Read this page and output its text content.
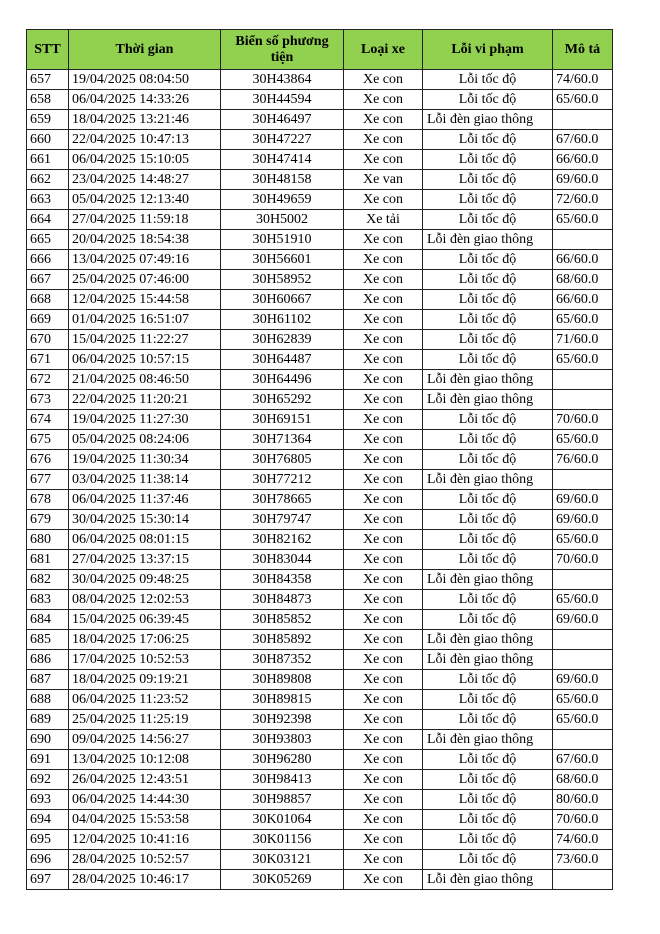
STT	Thời gian	Biển số phương tiện	Loại xe	Lỗi vi phạm	Mô tả
657	19/04/2025 08:04:50	30H43864	Xe con	Lỗi tốc độ	74/60.0
658	06/04/2025 14:33:26	30H44594	Xe con	Lỗi tốc độ	65/60.0
659	18/04/2025 13:21:46	30H46497	Xe con	Lỗi đèn giao thông	
660	22/04/2025 10:47:13	30H47227	Xe con	Lỗi tốc độ	67/60.0
661	06/04/2025 15:10:05	30H47414	Xe con	Lỗi tốc độ	66/60.0
662	23/04/2025 14:48:27	30H48158	Xe van	Lỗi tốc độ	69/60.0
663	05/04/2025 12:13:40	30H49659	Xe con	Lỗi tốc độ	72/60.0
664	27/04/2025 11:59:18	30H5002	Xe tải	Lỗi tốc độ	65/60.0
665	20/04/2025 18:54:38	30H51910	Xe con	Lỗi đèn giao thông	
666	13/04/2025 07:49:16	30H56601	Xe con	Lỗi tốc độ	66/60.0
667	25/04/2025 07:46:00	30H58952	Xe con	Lỗi tốc độ	68/60.0
668	12/04/2025 15:44:58	30H60667	Xe con	Lỗi tốc độ	66/60.0
669	01/04/2025 16:51:07	30H61102	Xe con	Lỗi tốc độ	65/60.0
670	15/04/2025 11:22:27	30H62839	Xe con	Lỗi tốc độ	71/60.0
671	06/04/2025 10:57:15	30H64487	Xe con	Lỗi tốc độ	65/60.0
672	21/04/2025 08:46:50	30H64496	Xe con	Lỗi đèn giao thông	
673	22/04/2025 11:20:21	30H65292	Xe con	Lỗi đèn giao thông	
674	19/04/2025 11:27:30	30H69151	Xe con	Lỗi tốc độ	70/60.0
675	05/04/2025 08:24:06	30H71364	Xe con	Lỗi tốc độ	65/60.0
676	19/04/2025 11:30:34	30H76805	Xe con	Lỗi tốc độ	76/60.0
677	03/04/2025 11:38:14	30H77212	Xe con	Lỗi đèn giao thông	
678	06/04/2025 11:37:46	30H78665	Xe con	Lỗi tốc độ	69/60.0
679	30/04/2025 15:30:14	30H79747	Xe con	Lỗi tốc độ	69/60.0
680	06/04/2025 08:01:15	30H82162	Xe con	Lỗi tốc độ	65/60.0
681	27/04/2025 13:37:15	30H83044	Xe con	Lỗi tốc độ	70/60.0
682	30/04/2025 09:48:25	30H84358	Xe con	Lỗi đèn giao thông	
683	08/04/2025 12:02:53	30H84873	Xe con	Lỗi tốc độ	65/60.0
684	15/04/2025 06:39:45	30H85852	Xe con	Lỗi tốc độ	69/60.0
685	18/04/2025 17:06:25	30H85892	Xe con	Lỗi đèn giao thông	
686	17/04/2025 10:52:53	30H87352	Xe con	Lỗi đèn giao thông	
687	18/04/2025 09:19:21	30H89808	Xe con	Lỗi tốc độ	69/60.0
688	06/04/2025 11:23:52	30H89815	Xe con	Lỗi tốc độ	65/60.0
689	25/04/2025 11:25:19	30H92398	Xe con	Lỗi tốc độ	65/60.0
690	09/04/2025 14:56:27	30H93803	Xe con	Lỗi đèn giao thông	
691	13/04/2025 10:12:08	30H96280	Xe con	Lỗi tốc độ	67/60.0
692	26/04/2025 12:43:51	30H98413	Xe con	Lỗi tốc độ	68/60.0
693	06/04/2025 14:44:30	30H98857	Xe con	Lỗi tốc độ	80/60.0
694	04/04/2025 15:53:58	30K01064	Xe con	Lỗi tốc độ	70/60.0
695	12/04/2025 10:41:16	30K01156	Xe con	Lỗi tốc độ	74/60.0
696	28/04/2025 10:52:57	30K03121	Xe con	Lỗi tốc độ	73/60.0
697	28/04/2025 10:46:17	30K05269	Xe con	Lỗi đèn giao thông	
